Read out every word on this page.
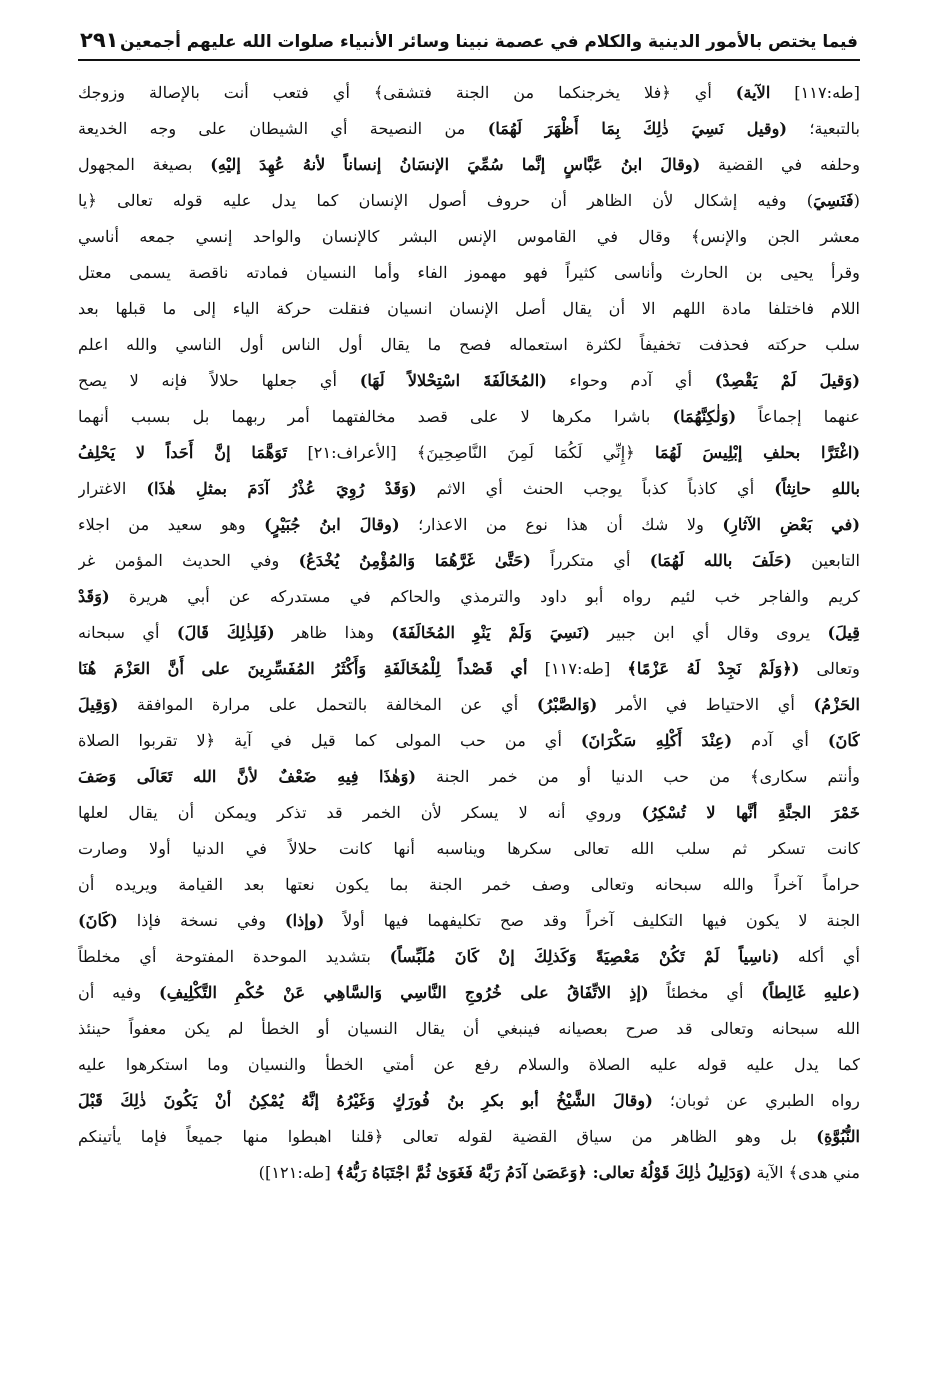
فيما يختص بالأمور الدينية والكلام في عصمة نبينا وسائر الأنبياء صلوات الله عليهم أجمعين
٢٩١
[طه:١١٧] الآية) أي ﴿فلا يخرجنكما من الجنة فتشقى﴾ أي فتعب أنت بالإصالة وزوجك
بالتبعية؛ (وقيل نَسِيَ ذٰلِكَ بِمَا أَظْهَرَ لَهُمَا) من النصيحة أي الشيطان على وجه الخديعة
وحلفه في القضية (وقالَ ابنُ عَبَّاسٍ إنَّما سُمِّيَ الإنسَانُ إنساناً لأنهُ عُهِدَ إليْهِ) بصيغة المجهول
(فَنَسِيَ) وفيه إشكال لأن الظاهر أن حروف أصول الإنسان كما يدل عليه قوله تعالى ﴿يا
معشر الجن والإنس﴾ وقال في القاموس الإنس البشر كالإنسان والواحد إنسي جمعه أناسي
وقرأ يحيى بن الحارث وأناسى كثيراً فهو مهموز الفاء وأما النسيان فمادته ناقصة يسمى معتل
اللام فاختلفا مادة اللهم الا أن يقال أصل الإنسان انسيان فنقلت حركة الياء إلى ما قبلها بعد
سلب حركته فحذفت تخفيفاً لكثرة استعماله فصح ما يقال أول الناس أول الناسي والله اعلم
(وَقيلَ لَمْ يَقْصِدْ) أي آدم وحواء (المُخَالَفَةَ اسْتِحْلالاً لَهَا) أي جعلها حلالاً فإنه لا يصح
عنهما إجماعاً (وَلٰكِنَّهُمَا) باشرا مكرها لا على قصد مخالفتهما أمر ربهما بل بسبب أنهما
(اغْتَرَّا بحلفِ إبْلِيسَ لَهُمَا ﴿إِنِّي لَكُمَا لَمِنَ النَّاصِحِينَ﴾ [الأعراف:٢١] تَوَهَّمَا إنَّ أَحَداً لا يَحْلِفُ
باللهِ حانِثاً) أي كاذباً كذباً يوجب الحنث أي الاثم (وَقَدْ رُوِيَ عُذْرُ آدَمَ بمثلِ هٰذَا) الاغترار
(في بَعْضِ الآثارِ) ولا شك أن هذا نوع من الاعذار؛ (وقالَ ابنُ جُبَيْرٍ) وهو سعيد من اجلاء
التابعين (حَلَفَ بالله لَهُمَا) أي متكرراً (حَتَّىٰ غَرَّهُمَا وَالمُؤْمِنُ يُخْدَعُ) وفي الحديث المؤمن غر
كريم والفاجر خب لئيم رواه أبو داود والترمذي والحاكم في مستدركه عن أبي هريرة (وَقَدْ
قِيلَ) يروى وقال أي ابن جبير (نَسِيَ وَلَمْ يَنْوِ المُخَالَفَةَ) وهذا ظاهر (فَلِذٰلِكَ قَالَ) أي سبحانه
وتعالى (﴿وَلَمْ نَجِدْ لَهُ عَزْمًا﴾ [طه:١١٧] أي قَصْداً لِلْمُخَالَفَةِ وَأَكْثَرُ المُفَسِّرِينَ على أَنَّ العَزْمَ هُنَا
الحَزْمُ) أي الاحتياط في الأمر (وَالصَّبْرُ) أي عن المخالفة بالتحمل على مرارة الموافقة (وَقِيلَ
كَانَ) أي آدم (عِنْدَ أَكْلِهِ سَكْرَانَ) أي من حب المولى كما قيل في آية ﴿لا تقربوا الصلاة
وأنتم سكارى﴾ من حب الدنيا أو من خمر الجنة (وَهٰذَا فِيهِ ضَعْفٌ لأنَّ الله تَعَالَى وَصَفَ
خَمْرَ الجنَّةِ أنَّها لا تُسْكِرُ) وروي أنه لا يسكر لأن الخمر قد تذكر ويمكن أن يقال لعلها
كانت تسكر ثم سلب الله تعالى سكرها ويناسبه أنها كانت حلالاً في الدنيا أولا وصارت
حراماً آخراً والله سبحانه وتعالى وصف خمر الجنة بما يكون نعتها بعد القيامة ويريده أن
الجنة لا يكون فيها التكليف آخراً وقد صح تكليفهما فيها أولاً (وإذا) وفي نسخة فإذا (كَانَ)
أي أكله (ناسِياً لَمْ تَكُنْ مَعْصِيَةً وَكَذلِكَ إنْ كَانَ مُلَبِّساً) بتشديد الموحدة المفتوحة أي مخلطاً
(عليهِ غَالِطاً) أي مخطئاً (إذِ الاتِّفَاقُ على خُرُوجِ النَّاسِي وَالسَّاهِي عَنْ حُكْمِ التَّكْلِيفِ) وفيه أن
الله سبحانه وتعالى قد صرح بعصيانه فينبغي أن يقال النسيان أو الخطأ لم يكن معفواً حينئذ
كما يدل عليه قوله عليه الصلاة والسلام رفع عن أمتي الخطأ والنسيان وما استكرهوا عليه
رواه الطبري عن ثوبان؛ (وقالَ الشَّيْخُ أبو بكرِ بنُ فُورَكٍ وَغَيْرُهُ إنَّهُ يُمْكِنُ أنْ يَكُونَ ذٰلِكَ قَبْلَ
النُّبُوَّةِ) بل وهو الظاهر من سياق القضية لقوله تعالى ﴿قلنا اهبطوا منها جميعاً فإما يأتينكم
مني هدى﴾ الآية (وَدَلِيلُ ذٰلِكَ قَوْلُهُ تعالى: ﴿وَعَصَىٰ آدَمُ رَبَّهُ فَغَوَىٰ ثُمَّ اجْتَبَاهُ رَبُّهُ﴾ [طه:١٢١])
